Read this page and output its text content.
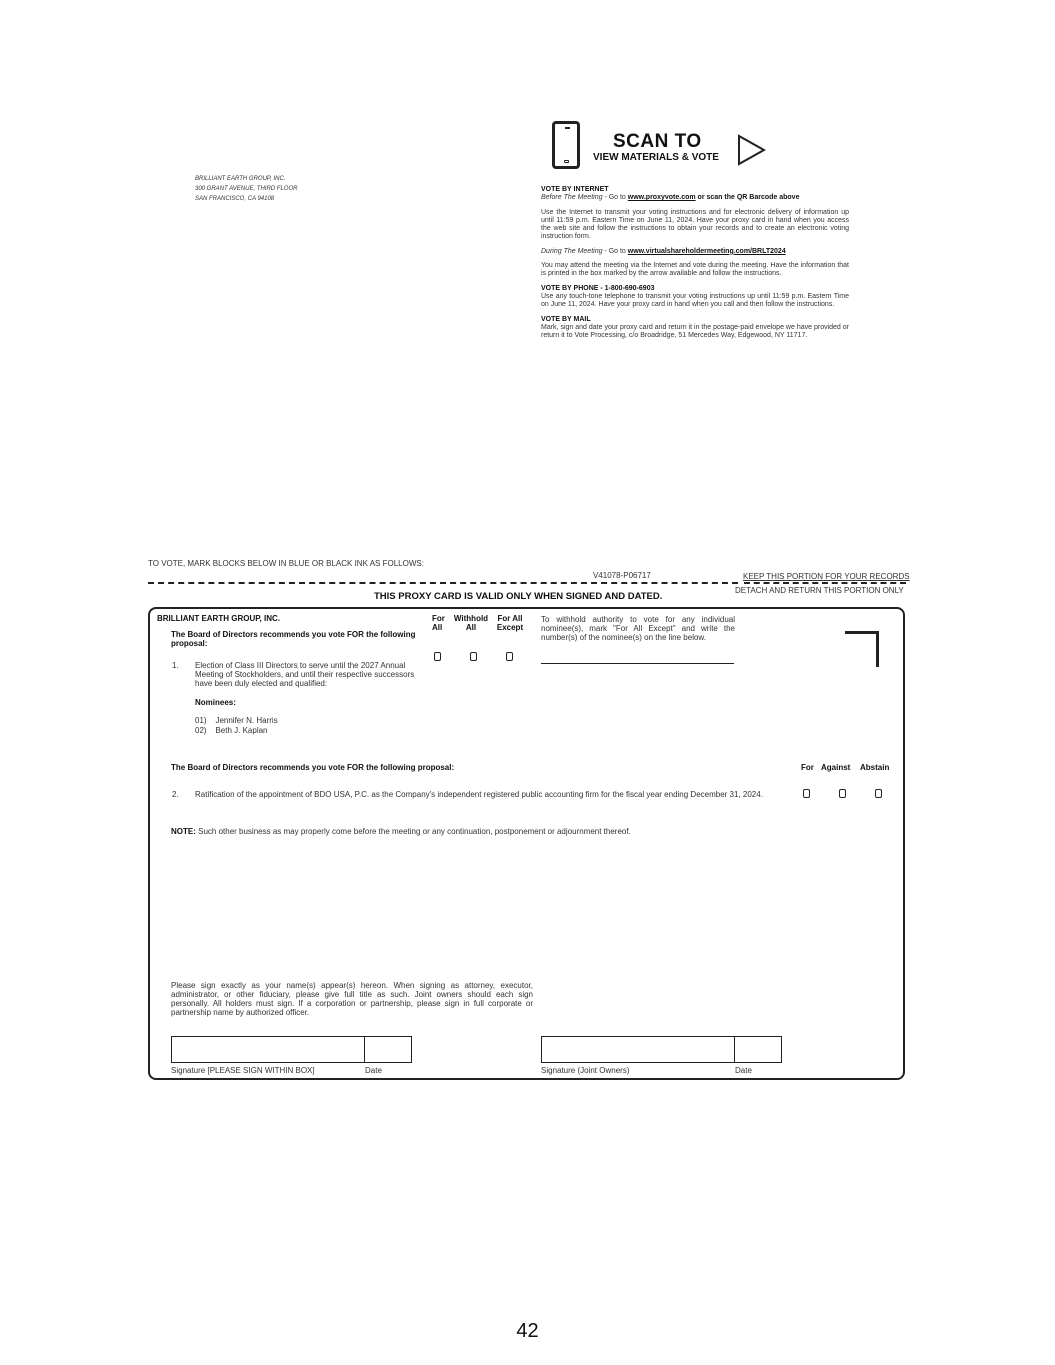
BRILLIANT EARTH GROUP, INC.
300 GRANT AVENUE, THIRD FLOOR
SAN FRANCISCO, CA 94108
SCAN TO
VIEW MATERIALS & VOTE
VOTE BY INTERNET
Before The Meeting - Go to www.proxyvote.com or scan the QR Barcode above
Use the Internet to transmit your voting instructions and for electronic delivery of information up until 11:59 p.m. Eastern Time on June 11, 2024. Have your proxy card in hand when you access the web site and follow the instructions to obtain your records and to create an electronic voting instruction form.
During The Meeting - Go to www.virtualshareholdermeeting.com/BRLT2024
You may attend the meeting via the Internet and vote during the meeting. Have the information that is printed in the box marked by the arrow available and follow the instructions.
VOTE BY PHONE - 1-800-690-6903
Use any touch-tone telephone to transmit your voting instructions up until 11:59 p.m. Eastern Time on June 11, 2024. Have your proxy card in hand when you call and then follow the instructions.
VOTE BY MAIL
Mark, sign and date your proxy card and return it in the postage-paid envelope we have provided or return it to Vote Processing, c/o Broadridge, 51 Mercedes Way, Edgewood, NY 11717.
TO VOTE, MARK BLOCKS BELOW IN BLUE OR BLACK INK AS FOLLOWS:
V41078-P06717	KEEP THIS PORTION FOR YOUR RECORDS
DETACH AND RETURN THIS PORTION ONLY
THIS PROXY CARD IS VALID ONLY WHEN SIGNED AND DATED.
BRILLIANT EARTH GROUP, INC.
The Board of Directors recommends you vote FOR the following proposal:
For All
Withhold All
For All Except
To withhold authority to vote for any individual nominee(s), mark "For All Except" and write the number(s) of the nominee(s) on the line below.
1. Election of Class III Directors to serve until the 2027 Annual Meeting of Stockholders, and until their respective successors have been duly elected and qualified:
Nominees:
01) Jennifer N. Harris
02) Beth J. Kaplan
The Board of Directors recommends you vote FOR the following proposal:	For Against Abstain
2. Ratification of the appointment of BDO USA, P.C. as the Company's independent registered public accounting firm for the fiscal year ending December 31, 2024.
NOTE: Such other business as may properly come before the meeting or any continuation, postponement or adjournment thereof.
Please sign exactly as your name(s) appear(s) hereon. When signing as attorney, executor, administrator, or other fiduciary, please give full title as such. Joint owners should each sign personally. All holders must sign. If a corporation or partnership, please sign in full corporate or partnership name by authorized officer.
Signature [PLEASE SIGN WITHIN BOX]	Date	Signature (Joint Owners)	Date
42
